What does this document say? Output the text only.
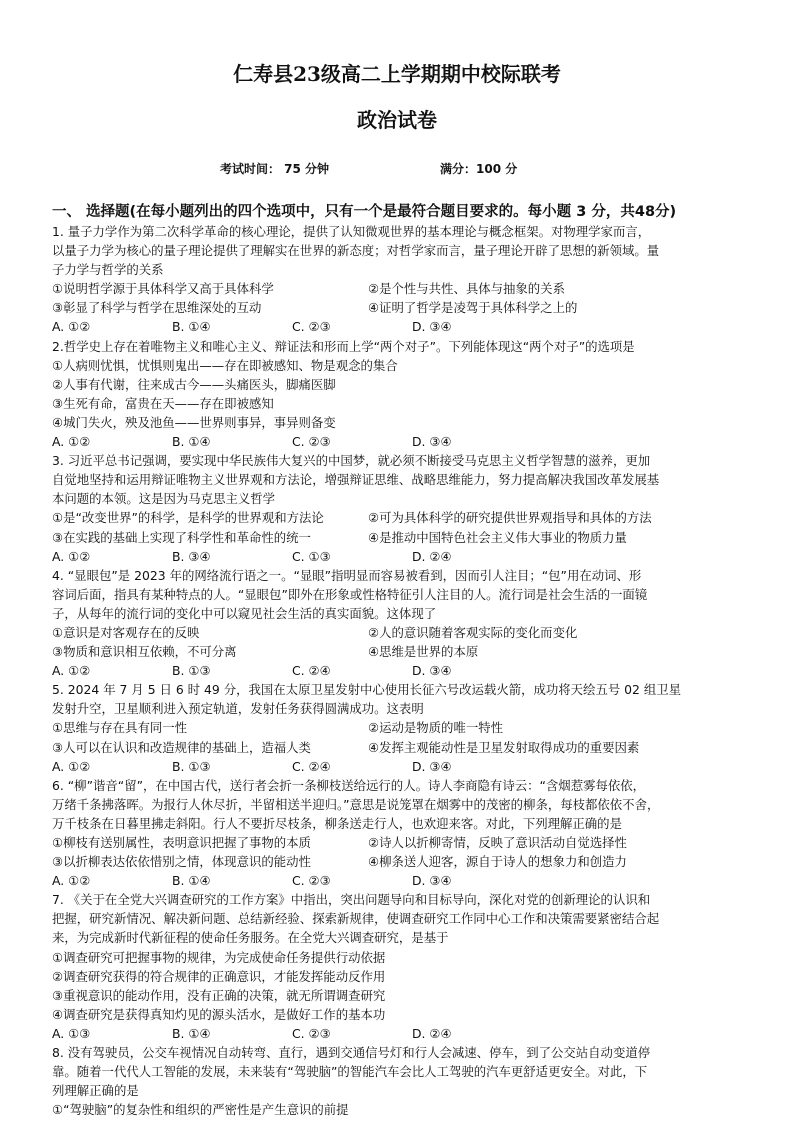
仁寿县23级高二上学期期中校际联考
政治试卷
考试时间： 75 分钟	满分：100 分
一、 选择题(在每小题列出的四个选项中，只有一个是最符合题目要求的。每小题 3 分，共48分)
1. 量子力学作为第二次科学革命的核心理论，提供了认知微观世界的基本理论与概念框架。对物理学家而言，
以量子力学为核心的量子理论提供了理解实在世界的新态度；对哲学家而言，量子理论开辟了思想的新领域。量
子力学与哲学的关系
①说明哲学源于具体科学又高于具体科学	②是个性与共性、具体与抽象的关系
③彰显了科学与哲学在思维深处的互动	④证明了哲学是凌驾于具体科学之上的
A. ①②	B. ①④	C. ②③	D. ③④
2.哲学史上存在着唯物主义和唯心主义、辩证法和形而上学“两个对子”。下列能体现这“两个对子”的选项是
①人病则忧惧，忧惧则鬼出——存在即被感知、物是观念的集合
②人事有代谢，往来成古今——头痛医头，脚痛医脚
③生死有命，富贵在天——存在即被感知
④城门失火，殃及池鱼——世界则事异，事异则备变
A. ①②	B. ①④	C. ②③	D. ③④
3. 习近平总书记强调，要实现中华民族伟大复兴的中国梦，就必须不断接受马克思主义哲学智慧的滋养，更加
自觉地坚持和运用辩证唯物主义世界观和方法论，增强辩证思维、战略思维能力，努力提高解决我国改革发展基
本问题的本领。这是因为马克思主义哲学
①是“改变世界”的科学，是科学的世界观和方法论	②可为具体科学的研究提供世界观指导和具体的方法
③在实践的基础上实现了科学性和革命性的统一	④是推动中国特色社会主义伟大事业的物质力量
A. ①②	B. ③④	C. ①③	D. ②④
4. “显眼包”是 2023 年的网络流行语之一。“显眼”指明显而容易被看到，因而引人注目；“包”用在动词、形
容词后面，指具有某种特点的人。“显眼包”即外在形象或性格特征引人注目的人。流行词是社会生活的一面镜
子，从每年的流行词的变化中可以窥见社会生活的真实面貌。这体现了
①意识是对客观存在的反映	②人的意识随着客观实际的变化而变化
③物质和意识相互依赖，不可分离	④思维是世界的本原
A. ①②	B. ①③	C. ②④	D. ③④
5. 2024 年 7 月 5 日 6 时 49 分，我国在太原卫星发射中心使用长征六号改运载火箭，成功将天绘五号 02 组卫星
发射升空，卫星顺利进入预定轨道，发射任务获得圆满成功。这表明
①思维与存在具有同一性	②运动是物质的唯一特性
③人可以在认识和改造规律的基础上，造福人类	④发挥主观能动性是卫星发射取得成功的重要因素
A. ①②	B. ①③	C. ②④	D. ③④
6. “柳”谐音“留”，在中国古代，送行者会折一条柳枝送给远行的人。诗人李商隐有诗云：“含烟惹雾每依依，
万绪千条拂落晖。为报行人休尽折，半留相送半迎归。”意思是说笼罩在烟雾中的茂密的柳条，每枝都依依不舍，
万千枝条在日暮里拂走斜阳。行人不要折尽枝条，柳条送走行人，也欢迎来客。对此，下列理解正确的是
①柳枝有送别属性，表明意识把握了事物的本质	②诗人以折柳寄情，反映了意识活动自觉选择性
③以折柳表达依依惜别之情，体现意识的能动性	④柳条送人迎客，源自于诗人的想象力和创造力
A. ①②	B. ①④	C. ②③	D. ③④
7. 《关于在全党大兴调查研究的工作方案》中指出，突出问题导向和目标导向，深化对党的创新理论的认识和
把握，研究新情况、解决新问题、总结新经验、探索新规律，使调查研究工作同中心工作和决策需要紧密结合起
来，为完成新时代新征程的使命任务服务。在全党大兴调查研究，是基于
①调查研究可把握事物的规律，为完成使命任务提供行动依据
②调查研究获得的符合规律的正确意识，才能发挥能动反作用
③重视意识的能动作用，没有正确的决策，就无所谓调查研究
④调查研究是获得真知灼见的源头活水，是做好工作的基本功
A. ①③	B. ①④	C. ②③	D. ②④
8. 没有驾驶员，公交车视情况自动转弯、直行，遇到交通信号灯和行人会减速、停车，到了公交站自动变道停
靠。随着一代代人工智能的发展，未来装有“驾驶脑”的智能汽车会比人工驾驶的汽车更舒适更安全。对此，下
列理解正确的是
①“驾驶脑”的复杂性和组织的严密性是产生意识的前提
